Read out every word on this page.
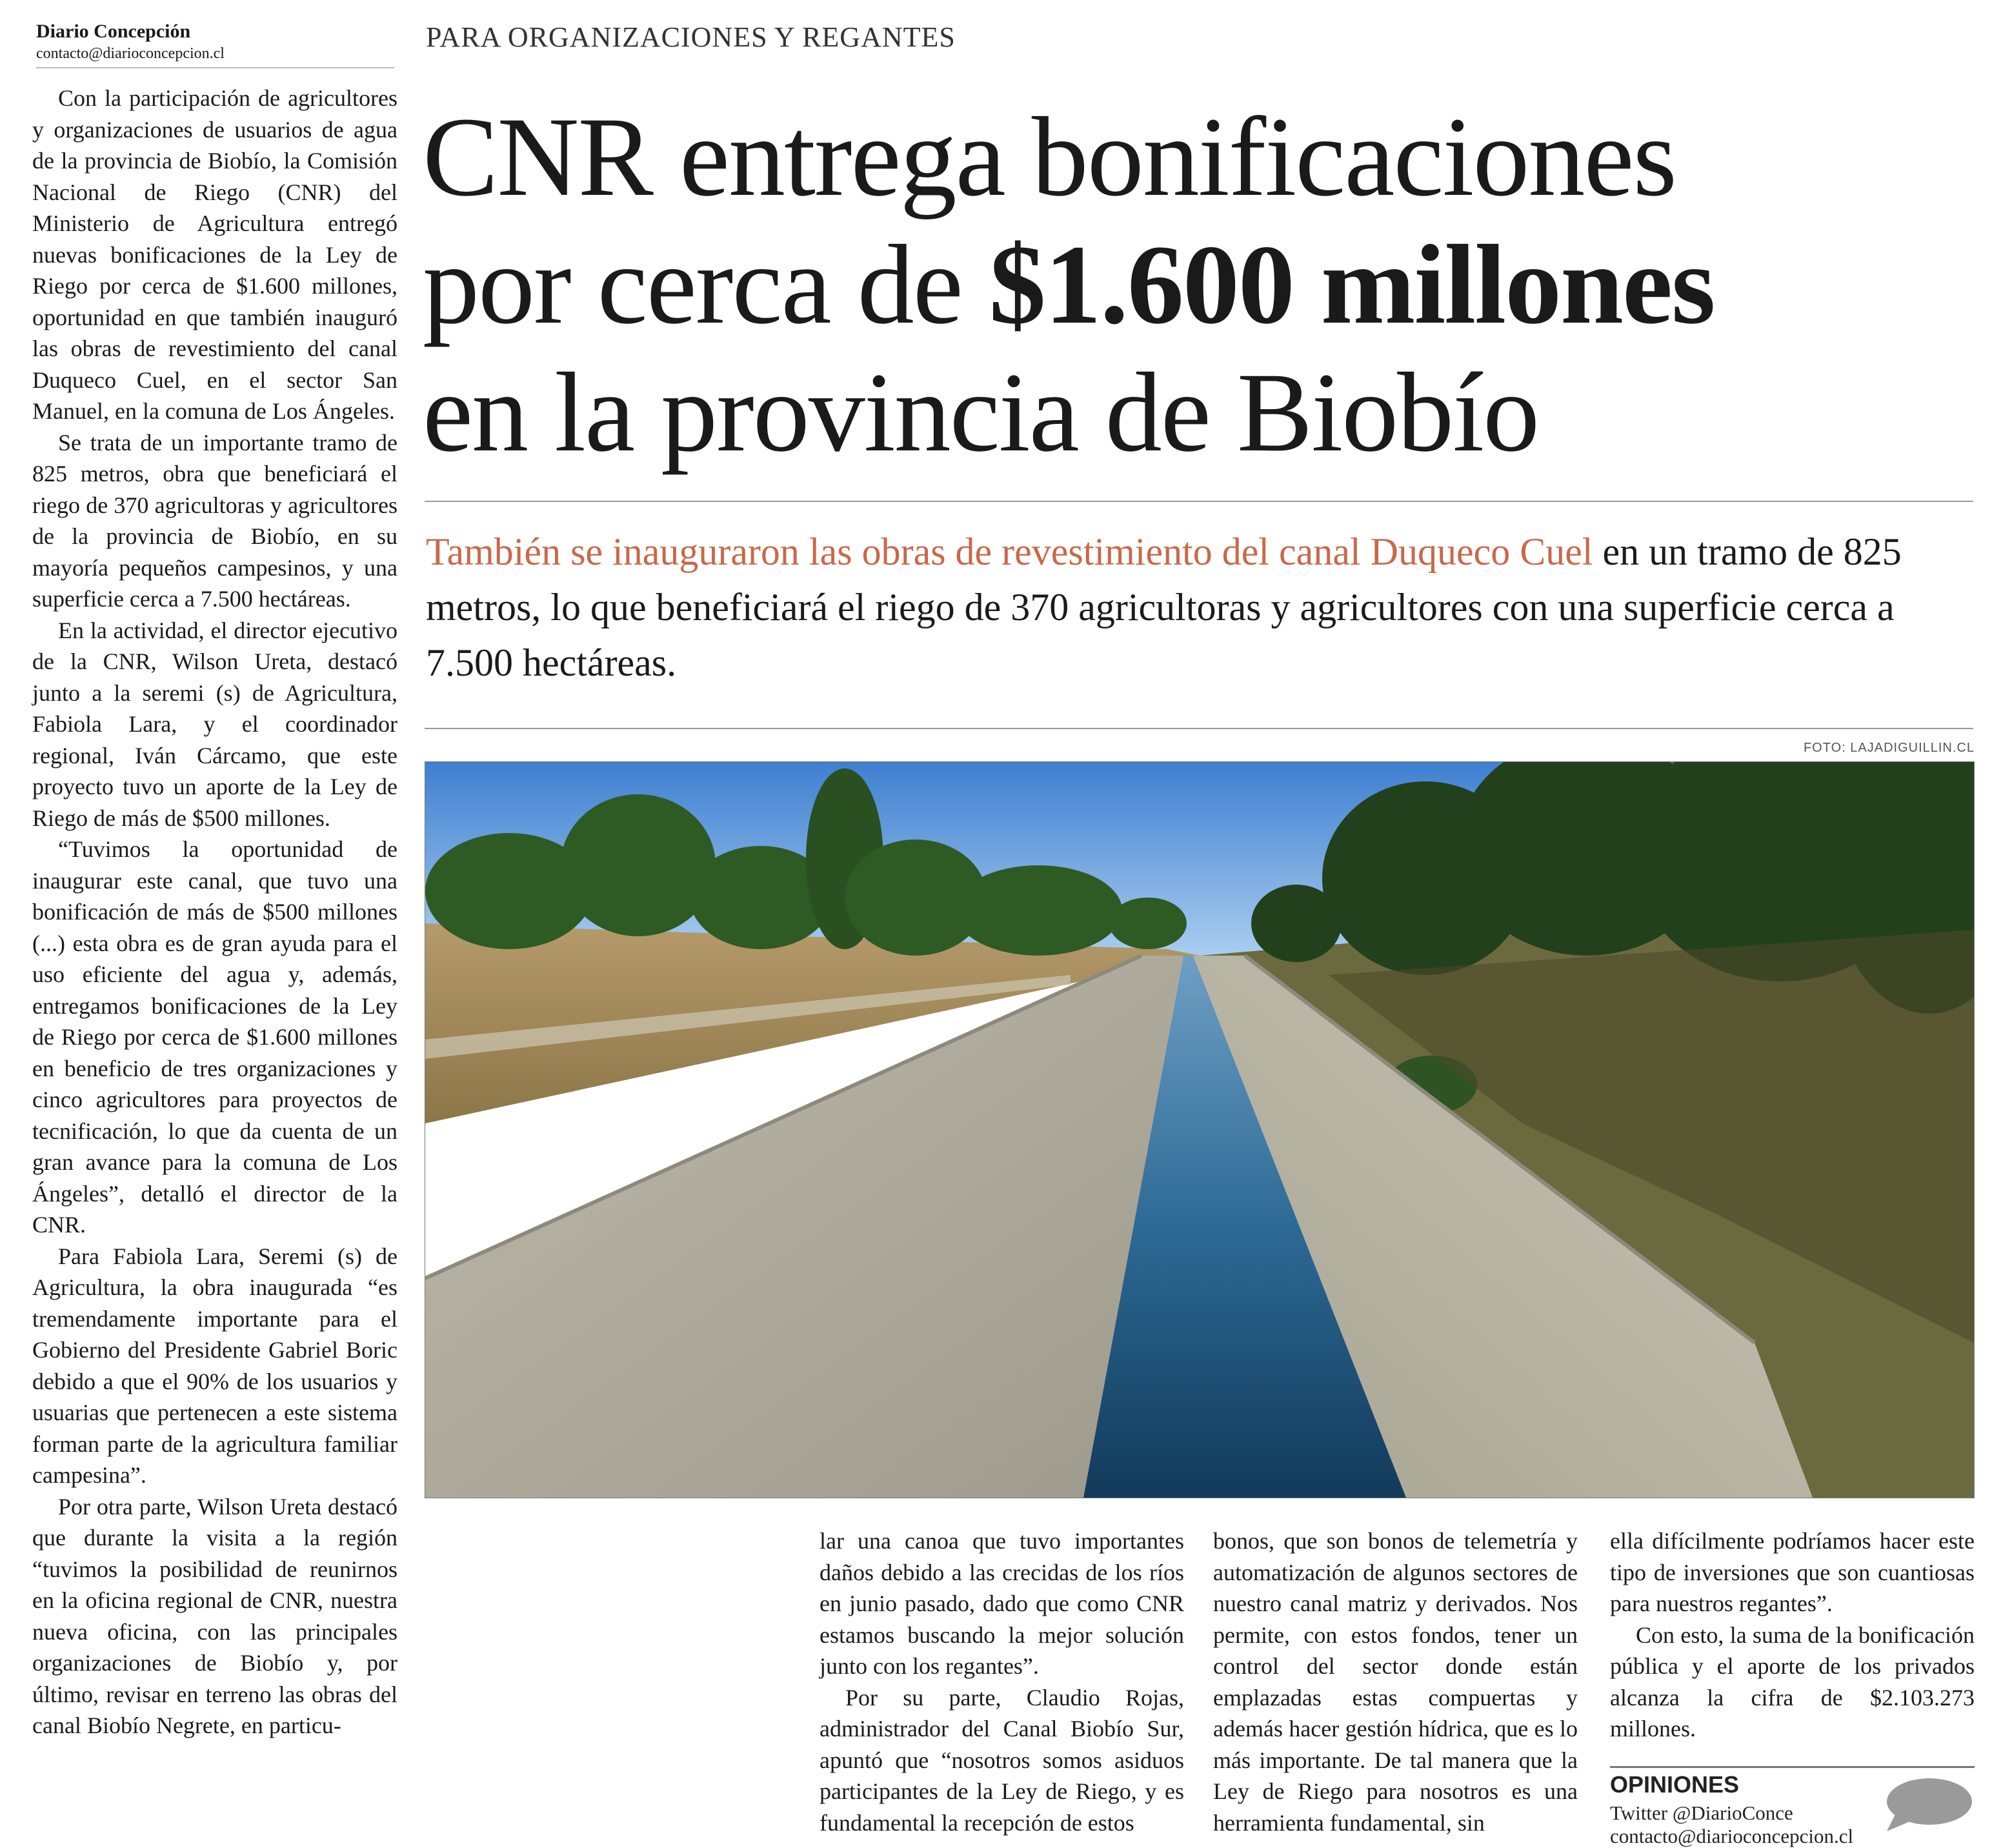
Diario Concepción
contacto@diarioconcepcion.cl
PARA ORGANIZACIONES Y REGANTES
CNR entrega bonificaciones
por cerca de $1.600 millones
en la provincia de Biobío
También se inauguraron las obras de revestimiento del canal Duqueco Cuel en un tramo de 825 metros, lo que beneficiará el riego de 370 agricultoras y agricultores con una superficie cerca a 7.500 hectáreas.
FOTO: LAJADIGUILLIN.CL

Con la participación de agricultores y organizaciones de usuarios de agua de la provincia de Biobío, la Comisión Nacional de Riego (CNR) del Ministerio de Agricultura entregó nuevas bonificaciones de la Ley de Riego por cerca de $1.600 millones, oportunidad en que también inauguró las obras de revestimiento del canal Duqueco Cuel, en el sector San Manuel, en la comuna de Los Ángeles.

Se trata de un importante tramo de 825 metros, obra que beneficiará el riego de 370 agricultoras y agricultores de la provincia de Biobío, en su mayoría pequeños campesinos, y una superficie cerca a 7.500 hectáreas.

En la actividad, el director ejecutivo de la CNR, Wilson Ureta, destacó junto a la seremi (s) de Agricultura, Fabiola Lara, y el coordinador regional, Iván Cárcamo, que este proyecto tuvo un aporte de la Ley de Riego de más de $500 millones.

“Tuvimos la oportunidad de inaugurar este canal, que tuvo una bonificación de más de $500 millones (...) esta obra es de gran ayuda para el uso eficiente del agua y, además, entregamos bonificaciones de la Ley de Riego por cerca de $1.600 millones en beneficio de tres organizaciones y cinco agricultores para proyectos de tecnificación, lo que da cuenta de un gran avance para la comuna de Los Ángeles”, detalló el director de la CNR.

Para Fabiola Lara, Seremi (s) de Agricultura, la obra inaugurada “es tremendamente importante para el Gobierno del Presidente Gabriel Boric debido a que el 90% de los usuarios y usuarias que pertenecen a este sistema forman parte de la agricultura familiar campesina”.

Por otra parte, Wilson Ureta destacó que durante la visita a la región “tuvimos la posibilidad de reunirnos en la oficina regional de CNR, nuestra nueva oficina, con las principales organizaciones de Biobío y, por último, revisar en terreno las obras del canal Biobío Negrete, en particu-

lar una canoa que tuvo importantes daños debido a las crecidas de los ríos en junio pasado, dado que como CNR estamos buscando la mejor solución junto con los regantes”.

Por su parte, Claudio Rojas, administrador del Canal Biobío Sur, apuntó que “nosotros somos asiduos participantes de la Ley de Riego, y es fundamental la recepción de estos

bonos, que son bonos de telemetría y automatización de algunos sectores de nuestro canal matriz y derivados. Nos permite, con estos fondos, tener un control del sector donde están emplazadas estas compuertas y además hacer gestión hídrica, que es lo más importante. De tal manera que la Ley de Riego para nosotros es una herramienta fundamental, sin

ella difícilmente podríamos hacer este tipo de inversiones que son cuantiosas para nuestros regantes”.

Con esto, la suma de la bonificación pública y el aporte de los privados alcanza la cifra de $2.103.273 millones.

OPINIONES
Twitter @DiarioConce
contacto@diarioconcepcion.cl
